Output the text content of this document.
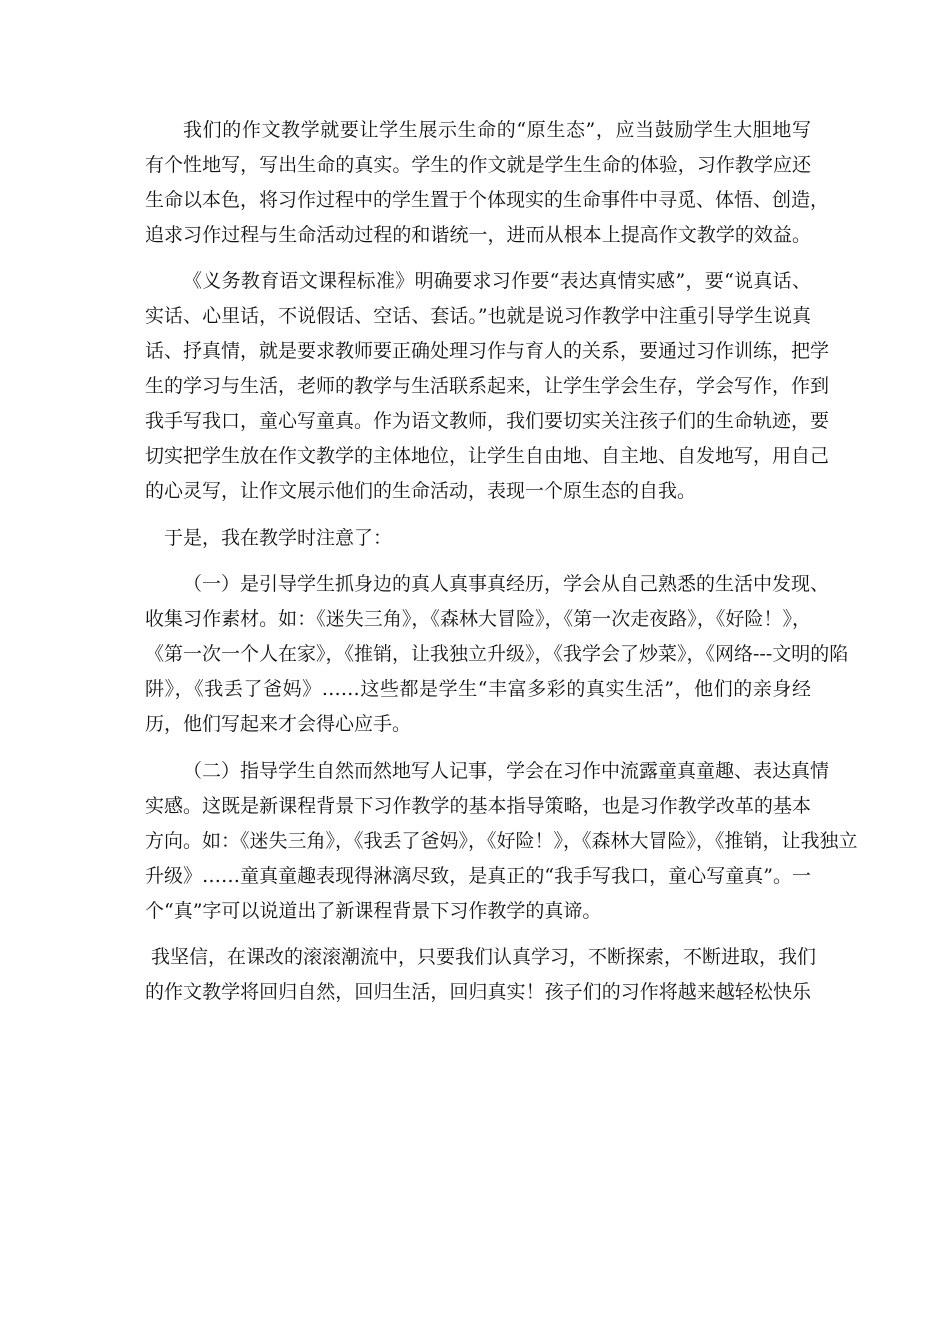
我们的作文教学就要让学生展示生命的“原生态”，应当鼓励学生大胆地写
有个性地写，写出生命的真实。学生的作文就是学生生命的体验，习作教学应还
生命以本色，将习作过程中的学生置于个体现实的生命事件中寻觅、体悟、创造，
追求习作过程与生命活动过程的和谐统一，进而从根本上提高作文教学的效益。
《义务教育语文课程标准》明确要求习作要“表达真情实感”，要“说真话、
实话、心里话，不说假话、空话、套话。”也就是说习作教学中注重引导学生说真
话、抒真情，就是要求教师要正确处理习作与育人的关系，要通过习作训练，把学
生的学习与生活，老师的教学与生活联系起来，让学生学会生存，学会写作，作到
我手写我口，童心写童真。作为语文教师，我们要切实关注孩子们的生命轨迹，要
切实把学生放在作文教学的主体地位，让学生自由地、自主地、自发地写，用自己
的心灵写，让作文展示他们的生命活动，表现一个原生态的自我。
于是，我在教学时注意了：
（一）是引导学生抓身边的真人真事真经历，学会从自己熟悉的生活中发现、
收集习作素材。如：《迷失三角》，《森林大冒险》，《第一次走夜路》，《好险！》，
《第一次一个人在家》，《推销，让我独立升级》，《我学会了炒菜》，《网络---文明的陷
阱》，《我丢了爸妈》……这些都是学生“丰富多彩的真实生活”，他们的亲身经
历，他们写起来才会得心应手。
（二）指导学生自然而然地写人记事，学会在习作中流露童真童趣、表达真情
实感。这既是新课程背景下习作教学的基本指导策略，也是习作教学改革的基本
方向。如：《迷失三角》，《我丢了爸妈》，《好险！》，《森林大冒险》，《推销，让我独立
升级》……童真童趣表现得淋漓尽致，是真正的“我手写我口，童心写童真”。一
个“真”字可以说道出了新课程背景下习作教学的真谛。
我坚信，在课改的滚滚潮流中，只要我们认真学习，不断探索，不断进取，我们
的作文教学将回归自然，回归生活，回归真实！孩子们的习作将越来越轻松快乐
